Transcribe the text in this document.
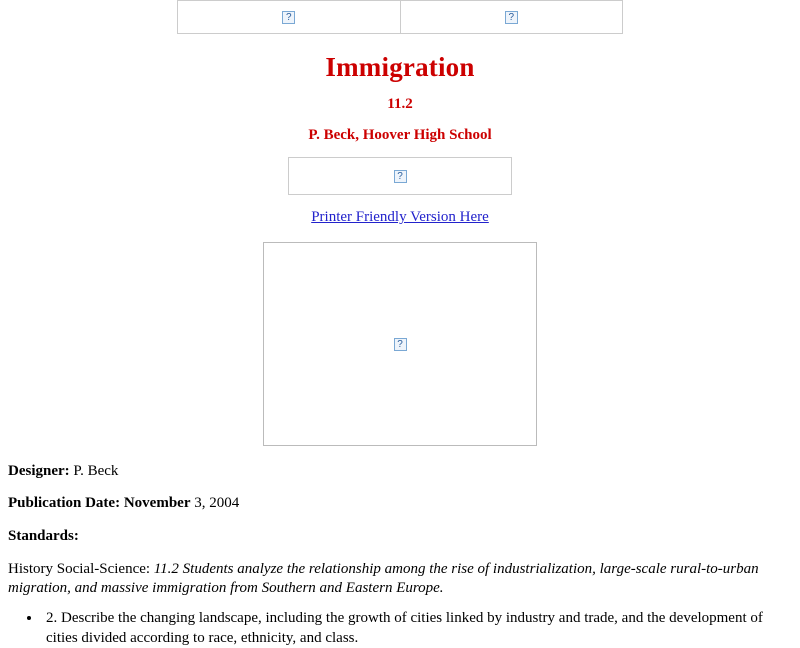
?	?
Immigration
11.2
P. Beck, Hoover High School
?
Printer Friendly Version Here
?
Designer: P. Beck
Publication Date: November 3, 2004
Standards:
History Social-Science: 11.2 Students analyze the relationship among the rise of industrialization, large-scale rural-to-urban migration, and massive immigration from Southern and Eastern Europe.
• 2. Describe the changing landscape, including the growth of cities linked by industry and trade, and the development of cities divided according to race, ethnicity, and class.
